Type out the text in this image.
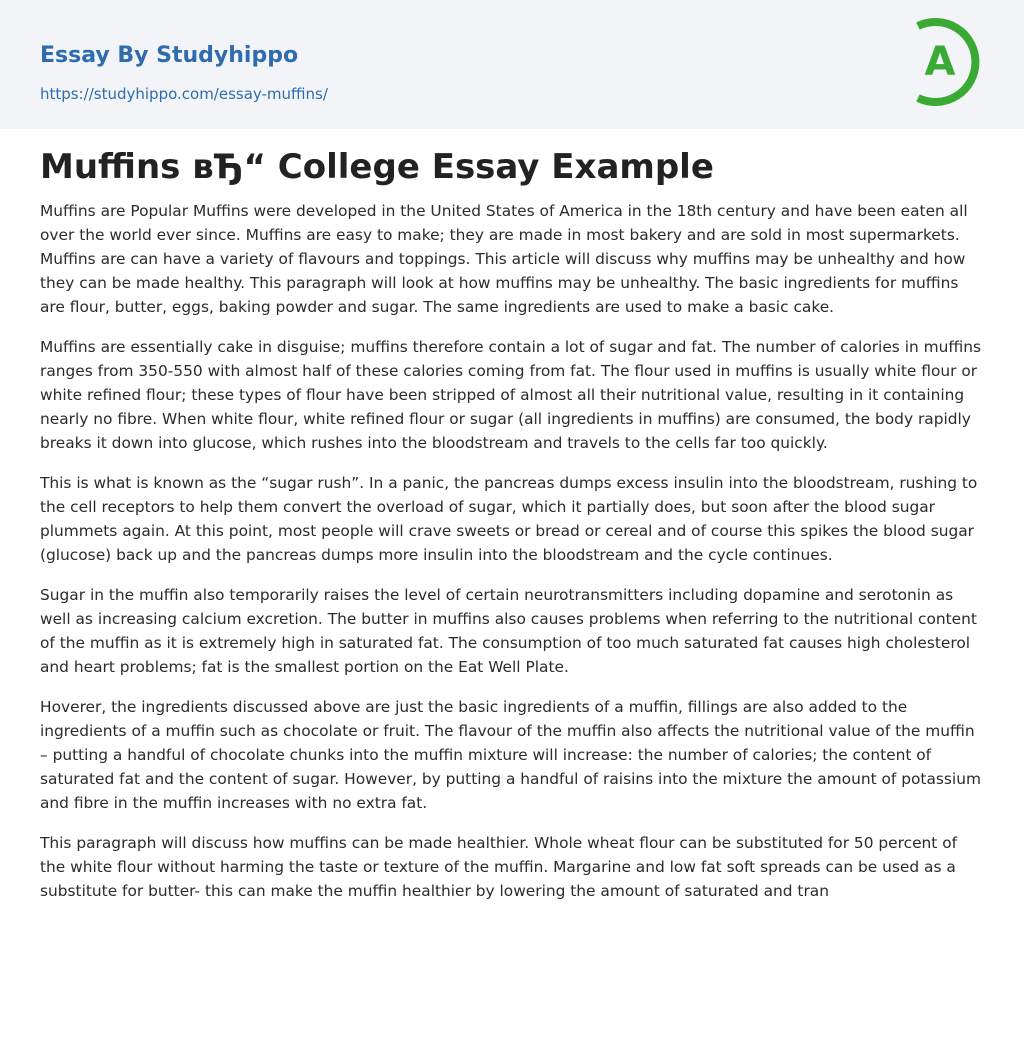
Essay By Studyhippo
https://studyhippo.com/essay-muffins/
A
Muffins вЂ“ College Essay Example

Muffins are Popular Muffins were developed in the United States of America in the 18th century and have been eaten all over the world ever since. Muffins are easy to make; they are made in most bakery and are sold in most supermarkets. Muffins are can have a variety of flavours and toppings. This article will discuss why muffins may be unhealthy and how they can be made healthy. This paragraph will look at how muffins may be unhealthy. The basic ingredients for muffins are flour, butter, eggs, baking powder and sugar. The same ingredients are used to make a basic cake.

Muffins are essentially cake in disguise; muffins therefore contain a lot of sugar and fat. The number of calories in muffins ranges from 350-550 with almost half of these calories coming from fat. The flour used in muffins is usually white flour or white refined flour; these types of flour have been stripped of almost all their nutritional value, resulting in it containing nearly no fibre. When white flour, white refined flour or sugar (all ingredients in muffins) are consumed, the body rapidly breaks it down into glucose, which rushes into the bloodstream and travels to the cells far too quickly.

This is what is known as the “sugar rush”. In a panic, the pancreas dumps excess insulin into the bloodstream, rushing to the cell receptors to help them convert the overload of sugar, which it partially does, but soon after the blood sugar plummets again. At this point, most people will crave sweets or bread or cereal and of course this spikes the blood sugar (glucose) back up and the pancreas dumps more insulin into the bloodstream and the cycle continues.

Sugar in the muffin also temporarily raises the level of certain neurotransmitters including dopamine and serotonin as well as increasing calcium excretion. The butter in muffins also causes problems when referring to the nutritional content of the muffin as it is extremely high in saturated fat. The consumption of too much saturated fat causes high cholesterol and heart problems; fat is the smallest portion on the Eat Well Plate.

Hoverer, the ingredients discussed above are just the basic ingredients of a muffin, fillings are also added to the ingredients of a muffin such as chocolate or fruit. The flavour of the muffin also affects the nutritional value of the muffin – putting a handful of chocolate chunks into the muffin mixture will increase: the number of calories; the content of saturated fat and the content of sugar. However, by putting a handful of raisins into the mixture the amount of potassium and fibre in the muffin increases with no extra fat.

This paragraph will discuss how muffins can be made healthier. Whole wheat flour can be substituted for 50 percent of the white flour without harming the taste or texture of the muffin. Margarine and low fat soft spreads can be used as a substitute for butter- this can make the muffin healthier by lowering the amount of saturated and tran
